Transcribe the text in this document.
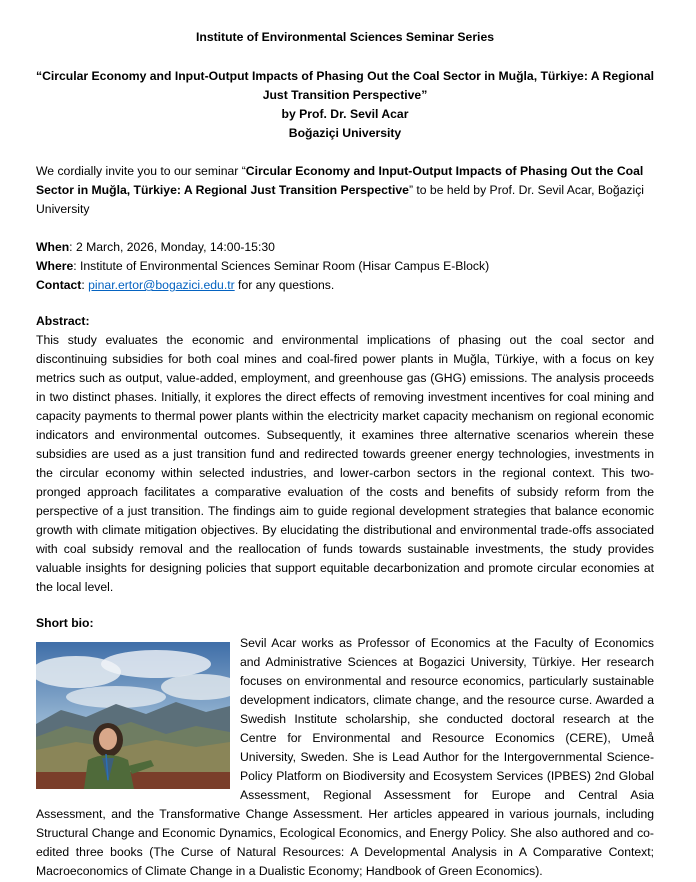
Institute of Environmental Sciences Seminar Series
“Circular Economy and Input-Output Impacts of Phasing Out the Coal Sector in Muğla, Türkiye: A Regional Just Transition Perspective”
by Prof. Dr. Sevil Acar
Boğaziçi University

We cordially invite you to our seminar “Circular Economy and Input-Output Impacts of Phasing Out the Coal Sector in Muğla, Türkiye: A Regional Just Transition Perspective” to be held by Prof. Dr. Sevil Acar, Boğaziçi University

When: 2 March, 2026, Monday, 14:00-15:30
Where: Institute of Environmental Sciences Seminar Room (Hisar Campus E-Block)
Contact: pinar.ertor@bogazici.edu.tr for any questions.
Abstract:

This study evaluates the economic and environmental implications of phasing out the coal sector and discontinuing subsidies for both coal mines and coal-fired power plants in Muğla, Türkiye, with a focus on key metrics such as output, value-added, employment, and greenhouse gas (GHG) emissions. The analysis proceeds in two distinct phases. Initially, it explores the direct effects of removing investment incentives for coal mining and capacity payments to thermal power plants within the electricity market capacity mechanism on regional economic indicators and environmental outcomes. Subsequently, it examines three alternative scenarios wherein these subsidies are used as a just transition fund and redirected towards greener energy technologies, investments in the circular economy within selected industries, and lower-carbon sectors in the regional context. This two-pronged approach facilitates a comparative evaluation of the costs and benefits of subsidy reform from the perspective of a just transition. The findings aim to guide regional development strategies that balance economic growth with climate mitigation objectives. By elucidating the distributional and environmental trade-offs associated with coal subsidy removal and the reallocation of funds towards sustainable investments, the study provides valuable insights for designing policies that support equitable decarbonization and promote circular economies at the local level.

Short bio:
Sevil Acar works as Professor of Economics at the Faculty of Economics and Administrative Sciences at Bogazici University, Türkiye. Her research focuses on environmental and resource economics, particularly sustainable development indicators, climate change, and the resource curse. Awarded a Swedish Institute scholarship, she conducted doctoral research at the Centre for Environmental and Resource Economics (CERE), Umeå University, Sweden. She is Lead Author for the Intergovernmental Science-Policy Platform on Biodiversity and Ecosystem Services (IPBES) 2nd Global Assessment, Regional Assessment for Europe and Central Asia Assessment, and the Transformative Change Assessment. Her articles appeared in various journals, including Structural Change and Economic Dynamics, Ecological Economics, and Energy Policy. She also authored and co-edited three books (The Curse of Natural Resources: A Developmental Analysis in A Comparative Context; Macroeconomics of Climate Change in a Dualistic Economy; Handbook of Green Economics).
